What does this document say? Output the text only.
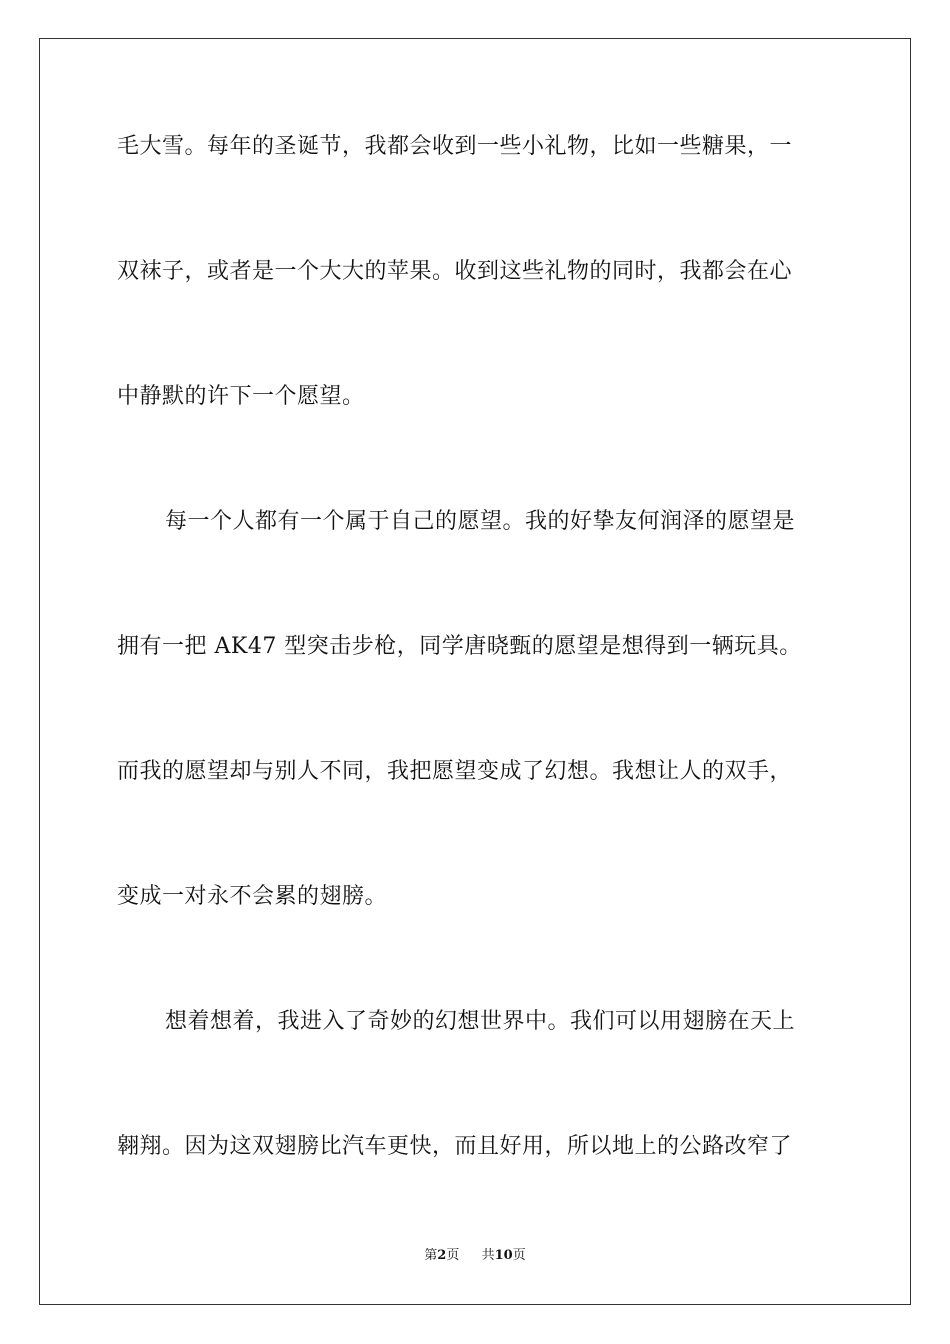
毛大雪。每年的圣诞节，我都会收到一些小礼物，比如一些糖果，一
双袜子，或者是一个大大的苹果。收到这些礼物的同时，我都会在心
中静默的许下一个愿望。
每一个人都有一个属于自己的愿望。我的好挚友何润泽的愿望是
拥有一把 AK47 型突击步枪，同学唐晓甄的愿望是想得到一辆玩具。
而我的愿望却与别人不同，我把愿望变成了幻想。我想让人的双手，
变成一对永不会累的翅膀。
想着想着，我进入了奇妙的幻想世界中。我们可以用翅膀在天上
翱翔。因为这双翅膀比汽车更快，而且好用，所以地上的公路改窄了
第2页 共10页
